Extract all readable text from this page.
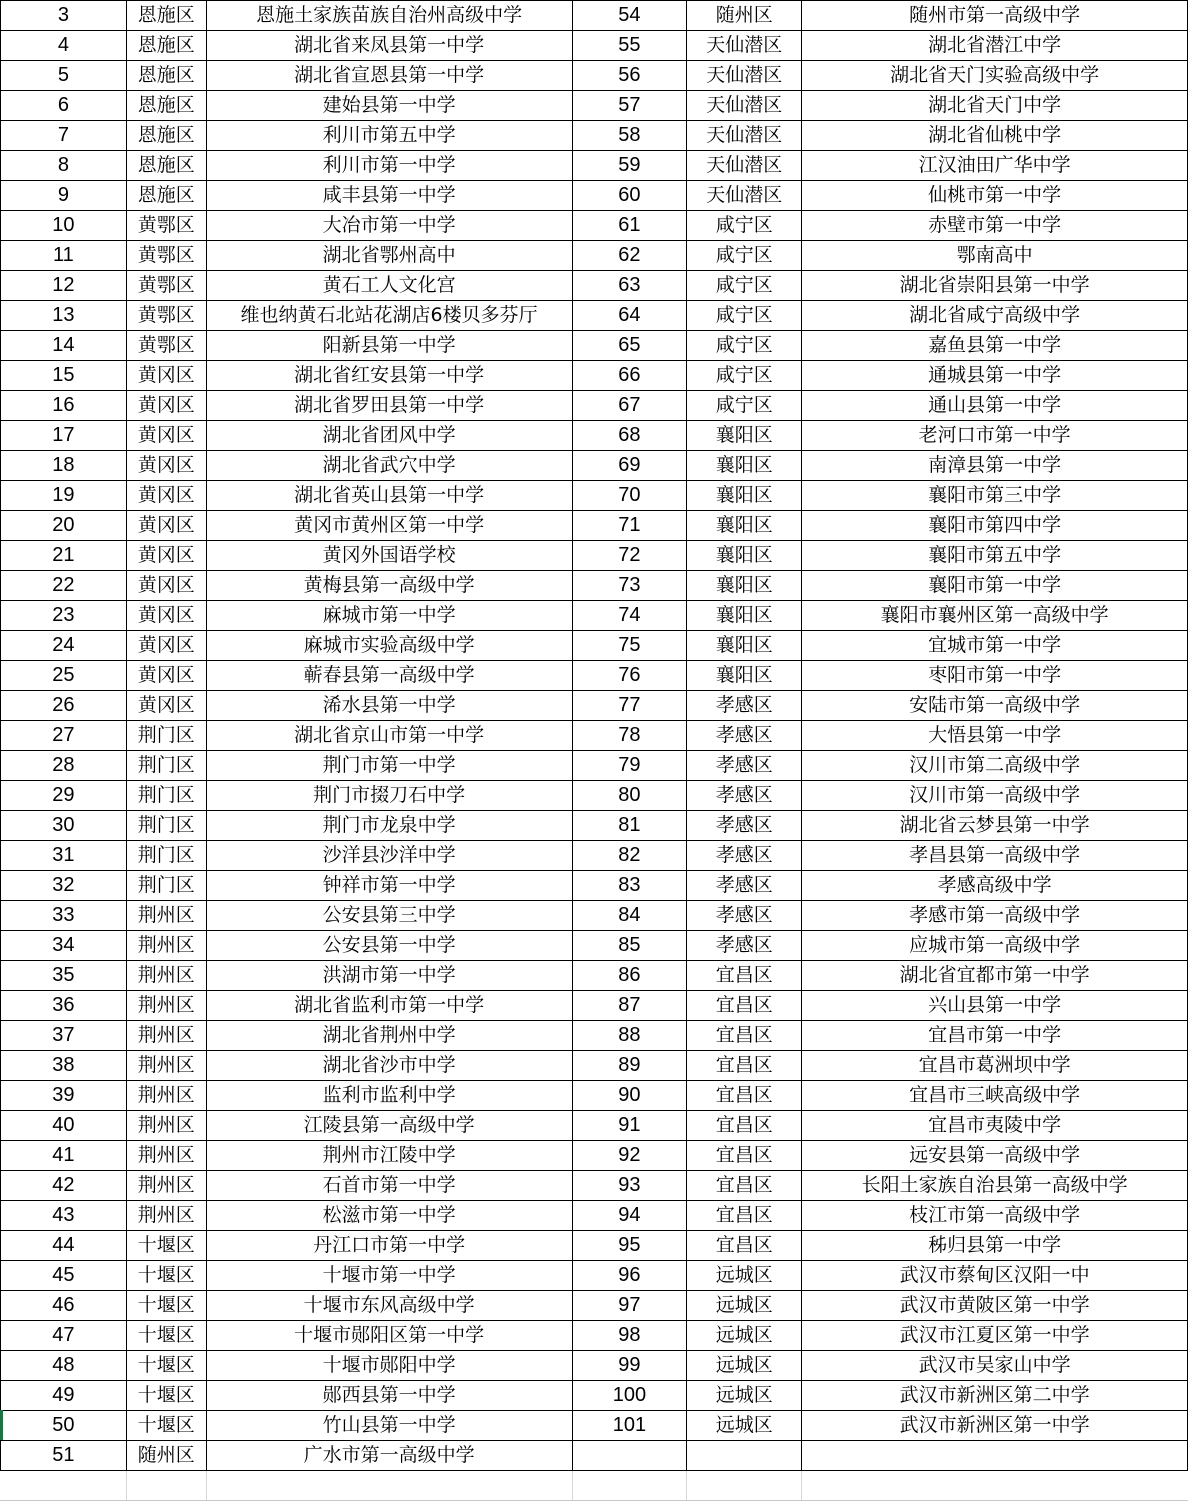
3	恩施区	恩施土家族苗族自治州高级中学	54	随州区	随州市第一高级中学
4	恩施区	湖北省来凤县第一中学	55	天仙潜区	湖北省潜江中学
5	恩施区	湖北省宣恩县第一中学	56	天仙潜区	湖北省天门实验高级中学
6	恩施区	建始县第一中学	57	天仙潜区	湖北省天门中学
7	恩施区	利川市第五中学	58	天仙潜区	湖北省仙桃中学
8	恩施区	利川市第一中学	59	天仙潜区	江汉油田广华中学
9	恩施区	咸丰县第一中学	60	天仙潜区	仙桃市第一中学
10	黄鄂区	大冶市第一中学	61	咸宁区	赤壁市第一中学
11	黄鄂区	湖北省鄂州高中	62	咸宁区	鄂南高中
12	黄鄂区	黄石工人文化宫	63	咸宁区	湖北省崇阳县第一中学
13	黄鄂区	维也纳黄石北站花湖店6楼贝多芬厅	64	咸宁区	湖北省咸宁高级中学
14	黄鄂区	阳新县第一中学	65	咸宁区	嘉鱼县第一中学
15	黄冈区	湖北省红安县第一中学	66	咸宁区	通城县第一中学
16	黄冈区	湖北省罗田县第一中学	67	咸宁区	通山县第一中学
17	黄冈区	湖北省团风中学	68	襄阳区	老河口市第一中学
18	黄冈区	湖北省武穴中学	69	襄阳区	南漳县第一中学
19	黄冈区	湖北省英山县第一中学	70	襄阳区	襄阳市第三中学
20	黄冈区	黄冈市黄州区第一中学	71	襄阳区	襄阳市第四中学
21	黄冈区	黄冈外国语学校	72	襄阳区	襄阳市第五中学
22	黄冈区	黄梅县第一高级中学	73	襄阳区	襄阳市第一中学
23	黄冈区	麻城市第一中学	74	襄阳区	襄阳市襄州区第一高级中学
24	黄冈区	麻城市实验高级中学	75	襄阳区	宜城市第一中学
25	黄冈区	蕲春县第一高级中学	76	襄阳区	枣阳市第一中学
26	黄冈区	浠水县第一中学	77	孝感区	安陆市第一高级中学
27	荆门区	湖北省京山市第一中学	78	孝感区	大悟县第一中学
28	荆门区	荆门市第一中学	79	孝感区	汉川市第二高级中学
29	荆门区	荆门市掇刀石中学	80	孝感区	汉川市第一高级中学
30	荆门区	荆门市龙泉中学	81	孝感区	湖北省云梦县第一中学
31	荆门区	沙洋县沙洋中学	82	孝感区	孝昌县第一高级中学
32	荆门区	钟祥市第一中学	83	孝感区	孝感高级中学
33	荆州区	公安县第三中学	84	孝感区	孝感市第一高级中学
34	荆州区	公安县第一中学	85	孝感区	应城市第一高级中学
35	荆州区	洪湖市第一中学	86	宜昌区	湖北省宜都市第一中学
36	荆州区	湖北省监利市第一中学	87	宜昌区	兴山县第一中学
37	荆州区	湖北省荆州中学	88	宜昌区	宜昌市第一中学
38	荆州区	湖北省沙市中学	89	宜昌区	宜昌市葛洲坝中学
39	荆州区	监利市监利中学	90	宜昌区	宜昌市三峡高级中学
40	荆州区	江陵县第一高级中学	91	宜昌区	宜昌市夷陵中学
41	荆州区	荆州市江陵中学	92	宜昌区	远安县第一高级中学
42	荆州区	石首市第一中学	93	宜昌区	长阳土家族自治县第一高级中学
43	荆州区	松滋市第一中学	94	宜昌区	枝江市第一高级中学
44	十堰区	丹江口市第一中学	95	宜昌区	秭归县第一中学
45	十堰区	十堰市第一中学	96	远城区	武汉市蔡甸区汉阳一中
46	十堰区	十堰市东风高级中学	97	远城区	武汉市黄陂区第一中学
47	十堰区	十堰市郧阳区第一中学	98	远城区	武汉市江夏区第一中学
48	十堰区	十堰市郧阳中学	99	远城区	武汉市吴家山中学
49	十堰区	郧西县第一中学	100	远城区	武汉市新洲区第二中学
50	十堰区	竹山县第一中学	101	远城区	武汉市新洲区第一中学
51	随州区	广水市第一高级中学			
